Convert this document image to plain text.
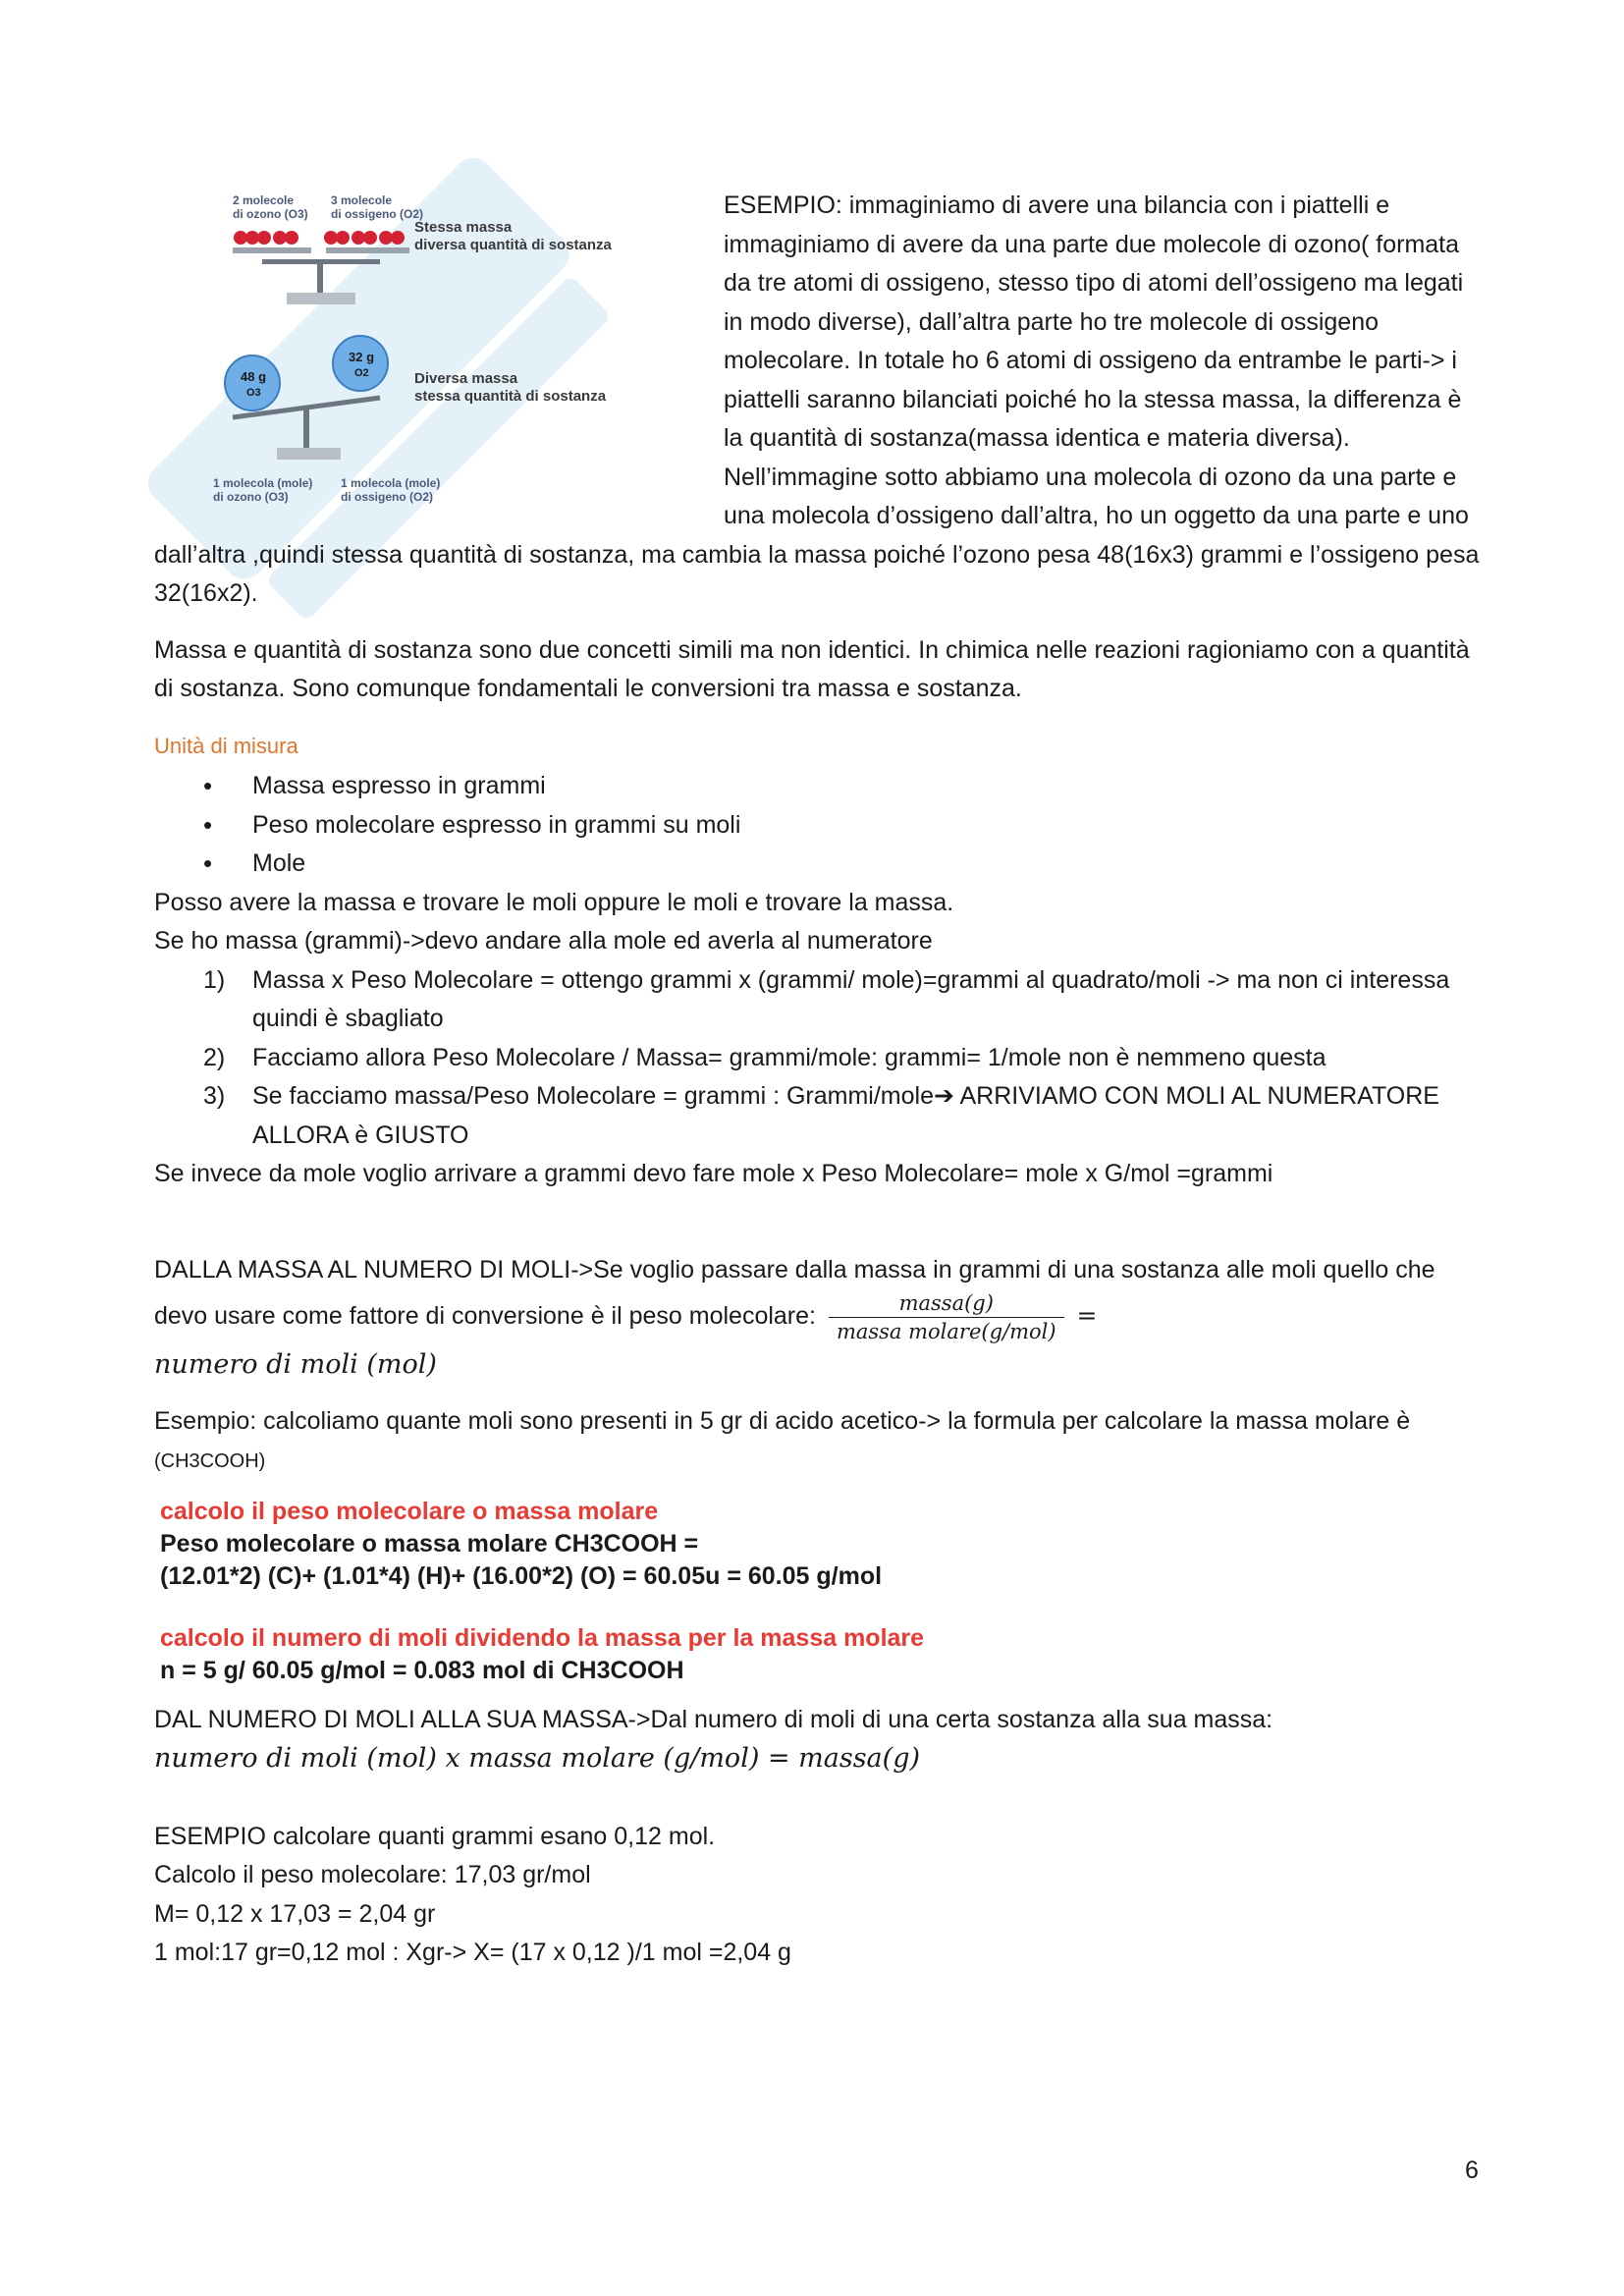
2 molecole
di ozono (O3)
3 molecole
di ossigeno (O2)
Stessa massa
diversa quantità di sostanza
48 g
O3
32 g
O2	Diversa massa
stessa quantità di sostanza
1 molecola (mole)
di ozono (O3)
1 molecola (mole)
di ossigeno (O2)

ESEMPIO: immaginiamo di avere una bilancia con i piattelli e immaginiamo di avere da una parte due molecole di ozono( formata da tre atomi di ossigeno, stesso tipo di atomi dell’ossigeno ma legati in modo diverse), dall’altra parte ho tre molecole di ossigeno molecolare. In totale ho 6 atomi di ossigeno da entrambe le parti-> i piattelli saranno bilanciati poiché ho la stessa massa, la differenza è la quantità di sostanza(massa identica e materia diversa). Nell’immagine sotto abbiamo una molecola di ozono da una parte e una molecola d’ossigeno dall’altra, ho un oggetto da una parte e uno dall’altra ,quindi stessa quantità di sostanza, ma cambia la massa poiché l’ozono pesa 48(16x3) grammi e l’ossigeno pesa 32(16x2).

Massa e quantità di sostanza sono due concetti simili ma non identici. In chimica nelle reazioni ragioniamo con a quantità di sostanza. Sono comunque fondamentali le conversioni tra massa e sostanza.

Unità di misura

• Massa espresso in grammi
• Peso molecolare espresso in grammi su moli
• Mole

Posso avere la massa e trovare le moli oppure le moli e trovare la massa.

Se ho massa (grammi)->devo andare alla mole ed averla al numeratore

1) Massa x Peso Molecolare = ottengo grammi x (grammi/ mole)=grammi al quadrato/moli -> ma non ci interessa quindi è sbagliato
2) Facciamo allora Peso Molecolare / Massa= grammi/mole: grammi= 1/mole non è nemmeno questa
3) Se facciamo massa/Peso Molecolare = grammi : Grammi/mole➔ ARRIVIAMO CON MOLI AL NUMERATORE ALLORA è GIUSTO

Se invece da mole voglio arrivare a grammi devo fare mole x Peso Molecolare= mole x G/mol =grammi

DALLA MASSA AL NUMERO DI MOLI->Se voglio passare dalla massa in grammi di una sostanza alle moli quello che devo usare come fattore di conversione è il peso molecolare: $\frac{\text{massa(g)}}{\text{massa molare(g/mol)}}$ =

numero di moli (mol)

Esempio: calcoliamo quante moli sono presenti in 5 gr di acido acetico-> la formula per calcolare la massa molare è (CH3COOH)

calcolo il peso molecolare o massa molare
Peso molecolare o massa molare CH3COOH =
(12.01*2) (C)+ (1.01*4) (H)+ (16.00*2) (O) = 60.05u = 60.05 g/mol
calcolo il numero di moli dividendo la massa per la massa molare
n = 5 g/ 60.05 g/mol = 0.083 mol di CH3COOH

DAL NUMERO DI MOLI ALLA SUA MASSA->Dal numero di moli di una certa sostanza alla sua massa:

numero di moli (mol) x massa molare (g/mol) = massa(g)

ESEMPIO calcolare quanti grammi esano 0,12 mol.

Calcolo il peso molecolare: 17,03 gr/mol

M= 0,12 x 17,03 = 2,04 gr

1 mol:17 gr=0,12 mol : Xgr-> X= (17 x 0,12 )/1 mol =2,04 g

6
